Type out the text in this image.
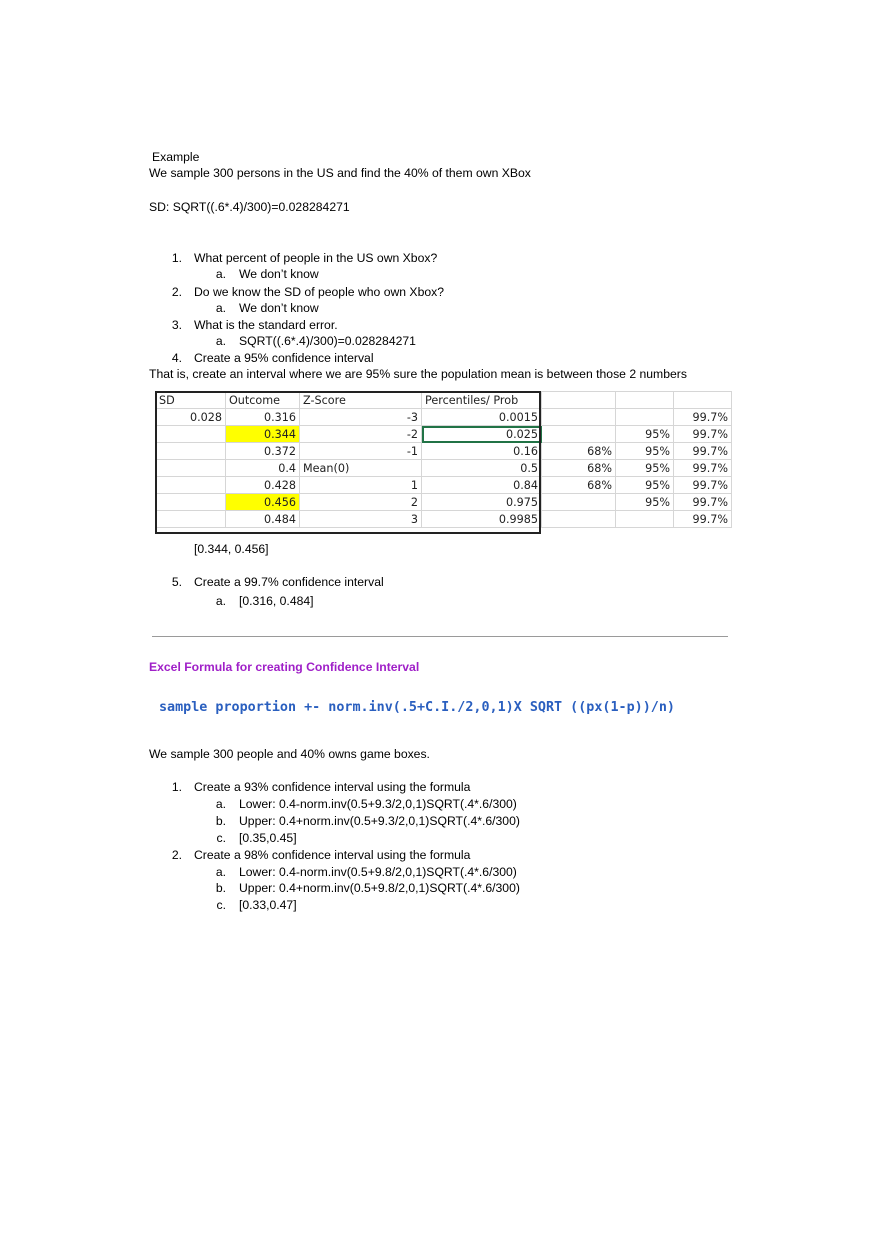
Example
We sample 300 persons in the US and find the 40% of them own XBox
SD: SQRT((.6*.4)/300)=0.028284271
1. What percent of people in the US own Xbox?
a. We don’t know
2. Do we know the SD of people who own Xbox?
a. We don’t know
3. What is the standard error.
a. SQRT((.6*.4)/300)=0.028284271
4. Create a 95% confidence interval
That is, create an interval where we are 95% sure the population mean is between those 2 numbers
SD	Outcome	Z-Score	Percentiles/ Prob			
0.028	0.316	-3	0.0015			99.7%
	0.344	-2	0.025		95%	99.7%
	0.372	-1	0.16	68%	95%	99.7%
	0.4	Mean(0)	0.5	68%	95%	99.7%
	0.428	1	0.84	68%	95%	99.7%
	0.456	2	0.975		95%	99.7%
	0.484	3	0.9985			99.7%
[0.344, 0.456]
5. Create a 99.7% confidence interval
a. [0.316, 0.484]
Excel Formula for creating Confidence Interval
sample proportion +- norm.inv(.5+C.I./2,0,1)X SQRT ((px(1-p))/n)
We sample 300 people and 40% owns game boxes.
1. Create a 93% confidence interval using the formula
a. Lower: 0.4-norm.inv(0.5+9.3/2,0,1)SQRT(.4*.6/300)
b. Upper: 0.4+norm.inv(0.5+9.3/2,0,1)SQRT(.4*.6/300)
c. [0.35,0.45]
2. Create a 98% confidence interval using the formula
a. Lower: 0.4-norm.inv(0.5+9.8/2,0,1)SQRT(.4*.6/300)
b. Upper: 0.4+norm.inv(0.5+9.8/2,0,1)SQRT(.4*.6/300)
c. [0.33,0.47]
